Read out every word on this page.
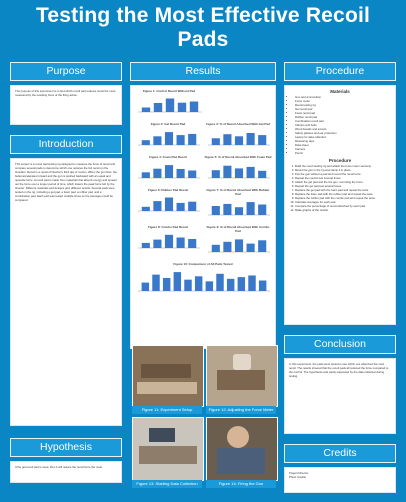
Testing the Most Effective Recoil
Pads
Purpose
The purpose of this experiment is to find which recoil pad reduces recoil the most, measured by the resulting force of the firing action.
Introduction
This project is a recoil pad testing rig designed to measure the force of recoil and compare several pads to determine which one reduces the felt recoil on the shoulder. Recoil is a result of Newton's third law of motion. When the gun fires, the bullet accelerates forward and the gun is pushed backward with an equal and opposite force. A recoil pad is made from materials that absorb energy and spread out the force over a longer period of time, which lowers the peak force felt by the shooter. Different materials and designs give different results. Several pads were tested on the rig, including a gel pad, a foam pad, a rubber pad, and a combination pad. Each pad was tested multiple times so the averages could be compared.
Hypothesis
If the gel recoil pad is used, then it will reduce the recoil force the most.
Results
Figure 1: Control Recoil Without Pad
Figure 2: Gel Recoil Pad	Figure 3: % of Recoil Absorbed With Gel Pad
Figure 4: Foam Pad Recoil	Figure 5: % of Recoil Absorbed With Foam Pad
Figure 6: Rubber Pad Recoil	Figure 7: % of Recoil Absorbed With Rubber Pad
Figure 8: Combo Pad Recoil	Figure 9: % of Recoil Absorbed With Combo Pad
Figure 10: Comparison of All Pads Tested
Figure 11: Experiment Setup	Figure 12: Adjusting the Force Meter
Figure 13: Starting Data Collection	Figure 14: Firing the Gun
Procedure
Materials
• Gun and ammunition
• Force meter
• Recoil testing rig
• Gel recoil pad
• Foam recoil pad
• Rubber recoil pad
• Combination recoil pad
• Clamps and bolts
• Wood boards and screws
• Safety glasses and ear protection
• Laptop for data collection
• Measuring tape
• Data sheet
• Camera
• Pencil
Procedure
1. Build the recoil testing rig and attach the force meter securely.
2. Mount the gun in the rig and clamp it in place.
3. Fire the gun without a pad and record the recoil force.
4. Repeat the control test several times.
5. Attach the gel pad and fire the gun, recording the force.
6. Repeat the gel pad test several times.
7. Replace the gel pad with the foam pad and repeat the tests.
8. Replace the foam pad with the rubber pad and repeat the tests.
9. Replace the rubber pad with the combo pad and repeat the tests.
10. Calculate averages for each pad.
11. Compare the percentage of recoil absorbed by each pad.
12. Make graphs of the results.
Conclusion
In this experiment, the pads were tested to see which one absorbed the most recoil. The results showed that the recoil pads all reduced the force compared to the control. The hypothesis was partly supported by the data collected during testing.
Credits
Project Director
Photo Credits
